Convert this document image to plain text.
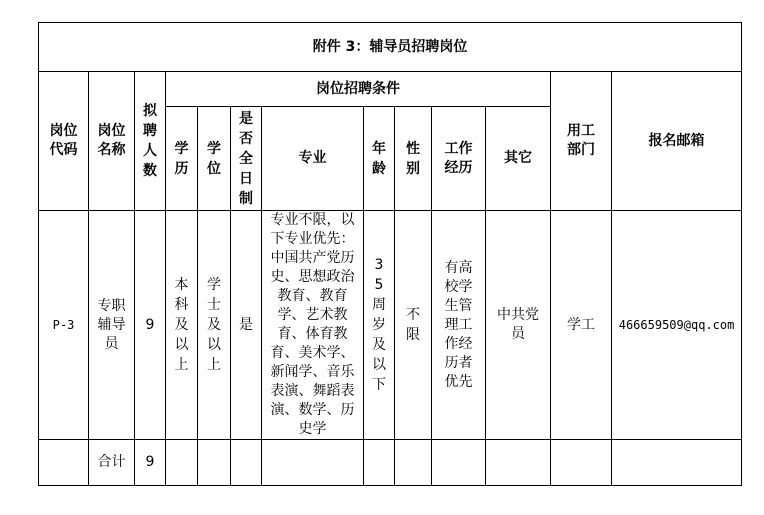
附件 3：辅导员招聘岗位												
岗位代码	岗位名称	拟聘人数	岗位招聘条件								用工部门	报名邮箱
			学历	学位	是否全日制	专业	年龄	性别	工作经历	其它		
P-3	专职辅导员	9	本科及以上	学士及以上	是	专业不限，以下专业优先：中国共产党历史、思想政治教育、教育学、艺术教育、体育教育、美术学、新闻学、音乐表演、舞蹈表演、数学、历史学	35周岁及以下	不限	有高校学生管理工作经历者优先	中共党员	学工	466659509@qq.com
	合计	9										
